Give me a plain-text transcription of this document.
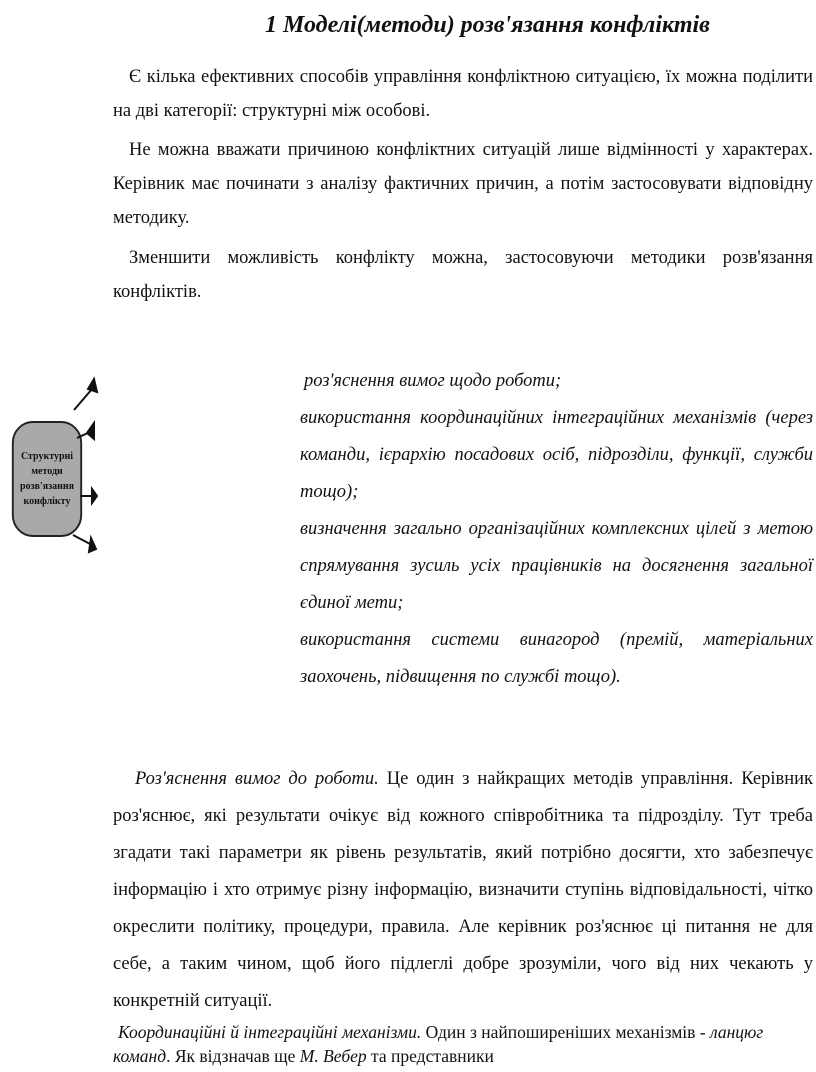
1 Моделі(методи) розв'язання конфліктів

Є кілька ефективних способів управління конфліктною ситуацією, їх можна поділити на дві категорії: структурні між особові.

Не можна вважати причиною конфліктних ситуацій лише відмінності у характерах. Керівник має починати з аналізу фактичних причин, а потім застосовувати відповідну методику.

Зменшити можливість конфлікту можна, застосовуючи методики розв'язання конфліктів.

Структурні методи розв'язання конфлікту
роз'яснення вимог щодо роботи;
використання координаційних інтеграційних механізмів (через команди, ієрархію посадових осіб, підрозділи, функції, служби тощо);
визначення загально організаційних комплексних цілей з метою спрямування зусиль усіх працівників на досягнення загальної єдиної мети;
використання системи винагород (премій, матеріальних заохочень, підвищення по службі тощо).

Роз'яснення вимог до роботи. Це один з найкращих методів управління. Керівник роз'яснює, які результати очікує від кожного співробітника та підрозділу. Тут треба згадати такі параметри як рівень результатів, який потрібно досягти, хто забезпечує інформацію і хто отримує різну інформацію, визначити ступінь відповідальності, чітко окреслити політику, процедури, правила. Але керівник роз'яснює ці питання не для себе, а таким чином, щоб його підлеглі добре зрозуміли, чого від них чекають у конкретній ситуації.

Координаційні й інтеграційні механізми. Один з найпоширеніших механізмів - ланцюг команд. Як відзначав ще М. Вебер та представники
